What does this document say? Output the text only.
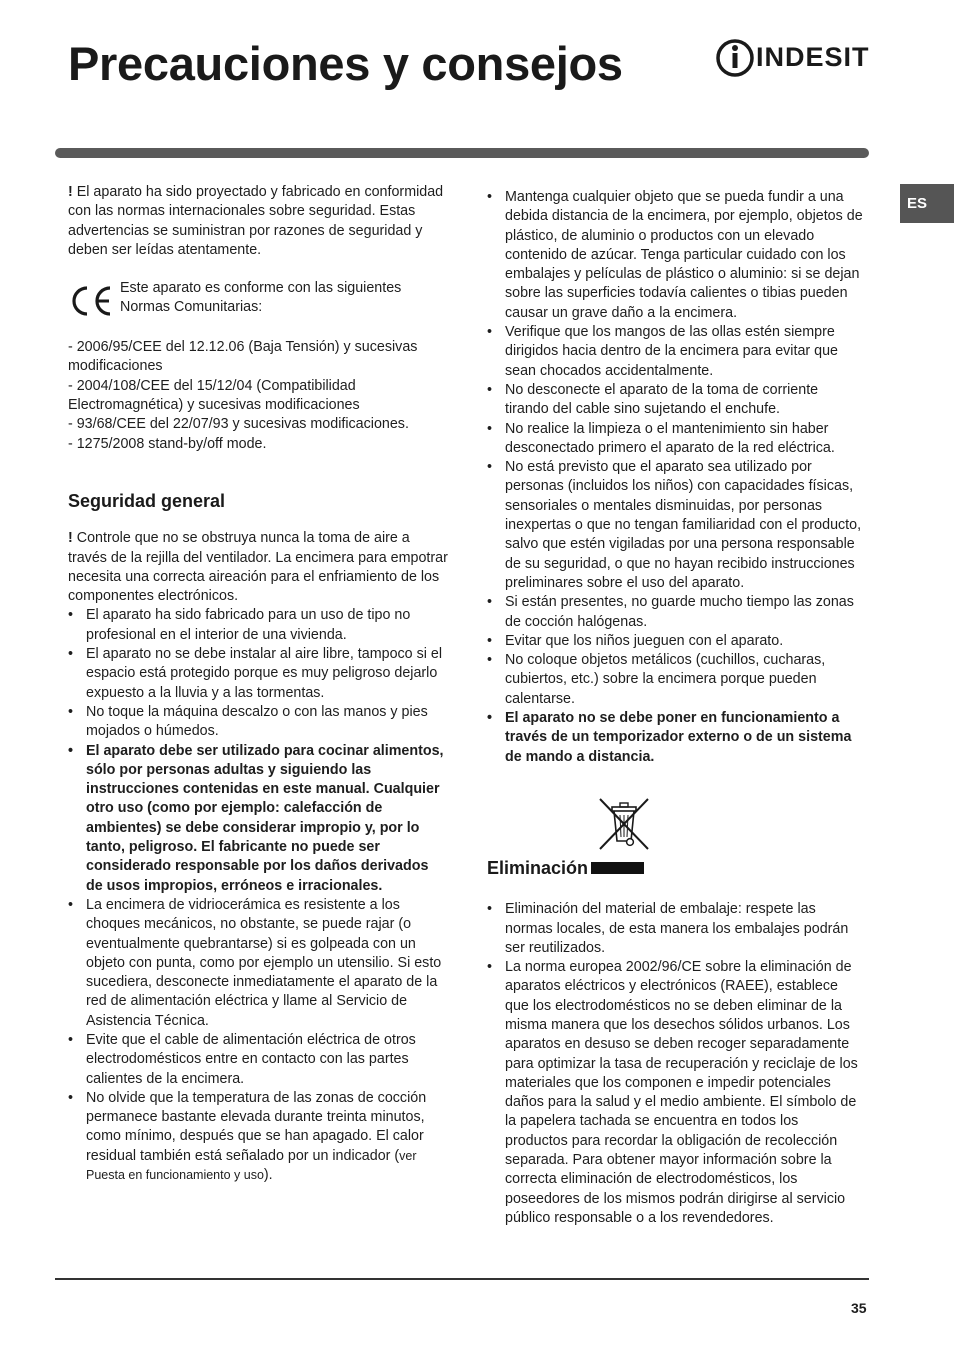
Precauciones y consejos	INDESIT
ES

! El aparato ha sido proyectado y fabricado en conformidad con las normas internacionales sobre seguridad. Estas advertencias se suministran por razones de seguridad y deben ser leídas atentamente.

Este aparato es conforme con las siguientes Normas Comunitarias:

- 2006/95/CEE del 12.12.06 (Baja Tensión) y sucesivas modificaciones

- 2004/108/CEE del 15/12/04 (Compatibilidad Electromagnética) y sucesivas modificaciones

- 93/68/CEE del 22/07/93 y sucesivas modificaciones.

- 1275/2008 stand-by/off mode.

Seguridad general

! Controle que no se obstruya nunca la toma de aire a través de la rejilla del ventilador. La encimera para empotrar necesita una correcta aireación para el enfriamiento de los componentes electrónicos.

• El aparato ha sido fabricado para un uso de tipo no profesional en el interior de una vivienda.
• El aparato no se debe instalar al aire libre, tampoco si el espacio está protegido porque es muy peligroso dejarlo expuesto a la lluvia y a las tormentas.
• No toque la máquina descalzo o con las manos y pies mojados o húmedos.
• El aparato debe ser utilizado para cocinar alimentos, sólo por personas adultas y siguiendo las instrucciones contenidas en este manual. Cualquier otro uso (como por ejemplo: calefacción de ambientes) se debe considerar impropio y, por lo tanto, peligroso. El fabricante no puede ser considerado responsable por los daños derivados de usos impropios, erróneos e irracionales.
• La encimera de vidriocerámica es resistente a los choques mecánicos, no obstante, se puede rajar (o eventualmente quebrantarse) si es golpeada con un objeto con punta, como por ejemplo un utensilio. Si esto sucediera, desconecte inmediatamente el aparato de la red de alimentación eléctrica y llame al Servicio de Asistencia Técnica.
• Evite que el cable de alimentación eléctrica de otros electrodomésticos entre en contacto con las partes calientes de la encimera.
• No olvide que la temperatura de las zonas de cocción permanece bastante elevada durante treinta minutos, como mínimo, después que se han apagado. El calor residual también está señalado por un indicador (ver Puesta en funcionamiento y uso).
• Mantenga cualquier objeto que se pueda fundir a una debida distancia de la encimera, por ejemplo, objetos de plástico, de aluminio o productos con un elevado contenido de azúcar. Tenga particular cuidado con los embalajes y películas de plástico o aluminio: si se dejan sobre las superficies todavía calientes o tibias pueden causar un grave daño a la encimera.
• Verifique que los mangos de las ollas estén siempre dirigidos hacia dentro de la encimera para evitar que sean chocados accidentalmente.
• No desconecte el aparato de la toma de corriente tirando del cable sino sujetando el enchufe.
• No realice la limpieza o el mantenimiento sin haber desconectado primero el aparato de la red eléctrica.
• No está previsto que el aparato sea utilizado por personas (incluidos los niños) con capacidades físicas, sensoriales o mentales disminuidas, por personas inexpertas o que no tengan familiaridad con el producto, salvo que estén vigiladas por una persona responsable de su seguridad, o que no hayan recibido instrucciones preliminares sobre el uso del aparato.
• Si están presentes, no guarde mucho tiempo las zonas de cocción halógenas.
• Evitar que los niños jueguen con el aparato.
• No coloque objetos metálicos (cuchillos, cucharas, cubiertos, etc.) sobre la encimera porque pueden calentarse.
• El aparato no se debe poner en funcionamiento a través de un temporizador externo o de un sistema de mando a distancia.
Eliminación
• Eliminación del material de embalaje: respete las normas locales, de esta manera los embalajes podrán ser reutilizados.
• La norma europea 2002/96/CE sobre la eliminación de aparatos eléctricos y electrónicos (RAEE), establece que los electrodomésticos no se deben eliminar de la misma manera que los desechos sólidos urbanos. Los aparatos en desuso se deben recoger separadamente para optimizar la tasa de recuperación y reciclaje de los materiales que los componen e impedir potenciales daños para la salud y el medio ambiente. El símbolo de la papelera tachada se encuentra en todos los productos para recordar la obligación de recolección separada. Para obtener mayor información sobre la correcta eliminación de electrodomésticos, los poseedores de los mismos podrán dirigirse al servicio público responsable o a los revendedores.
35
